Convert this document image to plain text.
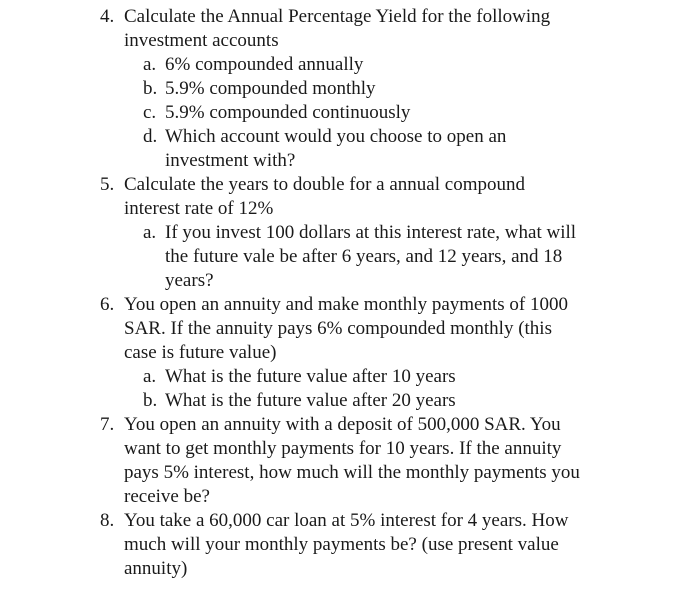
4. Calculate the Annual Percentage Yield for the following
investment accounts
a. 6% compounded annually
b. 5.9% compounded monthly
c. 5.9% compounded continuously
d. Which account would you choose to open an
investment with?
5. Calculate the years to double for a annual compound
interest rate of 12%
a. If you invest 100 dollars at this interest rate, what will
the future vale be after 6 years, and 12 years, and 18
years?
6. You open an annuity and make monthly payments of 1000
SAR. If the annuity pays 6% compounded monthly (this
case is future value)
a. What is the future value after 10 years
b. What is the future value after 20 years
7. You open an annuity with a deposit of 500,000 SAR. You
want to get monthly payments for 10 years. If the annuity
pays 5% interest, how much will the monthly payments you
receive be?
8. You take a 60,000 car loan at 5% interest for 4 years. How
much will your monthly payments be? (use present value
annuity)
